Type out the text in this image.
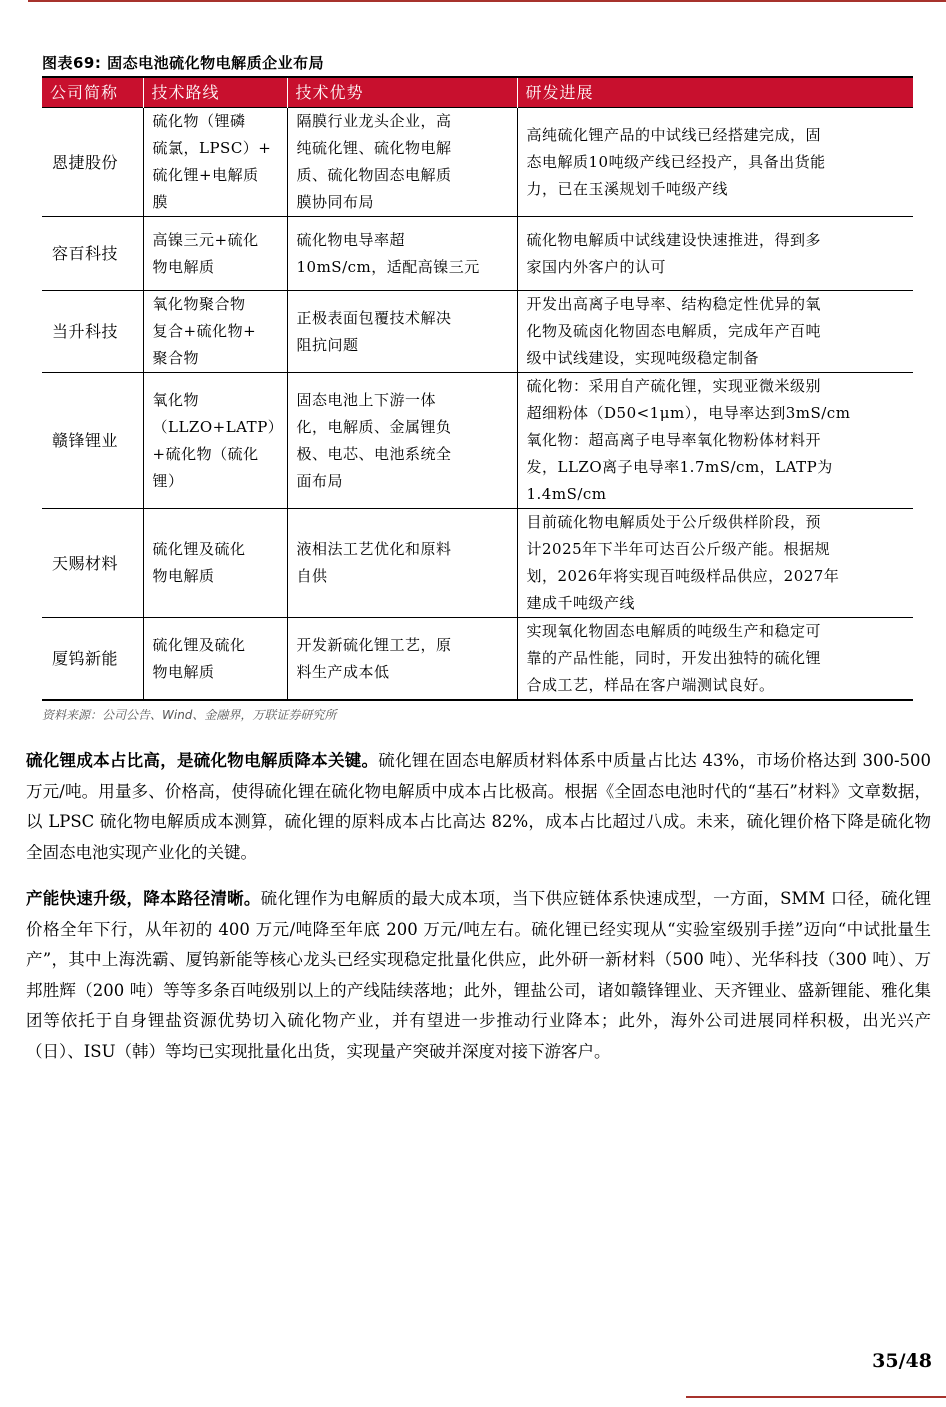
图表69: 固态电池硫化物电解质企业布局
公司简称	技术路线	技术优势	研发进展
恩捷股份	硫化物（锂磷
硫氯，LPSC）+
硫化锂+电解质
膜	隔膜行业龙头企业，高
纯硫化锂、硫化物电解
质、硫化物固态电解质
膜协同布局	高纯硫化锂产品的中试线已经搭建完成，固
态电解质10吨级产线已经投产，具备出货能
力，已在玉溪规划千吨级产线
容百科技	高镍三元+硫化
物电解质	硫化物电导率超
10mS/cm，适配高镍三元	硫化物电解质中试线建设快速推进，得到多
家国内外客户的认可
当升科技	氧化物聚合物
复合+硫化物+
聚合物	正极表面包覆技术解决
阻抗问题	开发出高离子电导率、结构稳定性优异的氧
化物及硫卤化物固态电解质，完成年产百吨
级中试线建设，实现吨级稳定制备
赣锋锂业	氧化物
（LLZO+LATP）
+硫化物（硫化
锂）	固态电池上下游一体
化，电解质、金属锂负
极、电芯、电池系统全
面布局	硫化物：采用自产硫化锂，实现亚微米级别
超细粉体（D50<1μm），电导率达到3mS/cm
氧化物：超高离子电导率氧化物粉体材料开
发，LLZO离子电导率1.7mS/cm，LATP为
1.4mS/cm
天赐材料	硫化锂及硫化
物电解质	液相法工艺优化和原料
自供	目前硫化物电解质处于公斤级供样阶段，预
计2025年下半年可达百公斤级产能。根据规
划，2026年将实现百吨级样品供应，2027年
建成千吨级产线
厦钨新能	硫化锂及硫化
物电解质	开发新硫化锂工艺，原
料生产成本低	实现氧化物固态电解质的吨级生产和稳定可
靠的产品性能，同时，开发出独特的硫化锂
合成工艺，样品在客户端测试良好。
资料来源：公司公告、Wind、金融界，万联证券研究所

硫化锂成本占比高，是硫化物电解质降本关键。硫化锂在固态电解质材料体系中质量占比达 43%，市场价格达到 300-500 万元/吨。用量多、价格高，使得硫化锂在硫化物电解质中成本占比极高。根据《全固态电池时代的“基石”材料》文章数据，以 LPSC 硫化物电解质成本测算，硫化锂的原料成本占比高达 82%，成本占比超过八成。未来，硫化锂价格下降是硫化物全固态电池实现产业化的关键。

产能快速升级，降本路径清晰。硫化锂作为电解质的最大成本项，当下供应链体系快速成型，一方面，SMM 口径，硫化锂价格全年下行，从年初的 400 万元/吨降至年底 200 万元/吨左右。硫化锂已经实现从“实验室级别手搓”迈向“中试批量生产”，其中上海洗霸、厦钨新能等核心龙头已经实现稳定批量化供应，此外研一新材料（500 吨）、光华科技（300 吨）、万邦胜辉（200 吨）等等多条百吨级别以上的产线陆续落地；此外，锂盐公司，诸如赣锋锂业、天齐锂业、盛新锂能、雅化集团等依托于自身锂盐资源优势切入硫化物产业，并有望进一步推动行业降本；此外，海外公司进展同样积极，出光兴产（日）、ISU（韩）等均已实现批量化出货，实现量产突破并深度对接下游客户。

35/48
